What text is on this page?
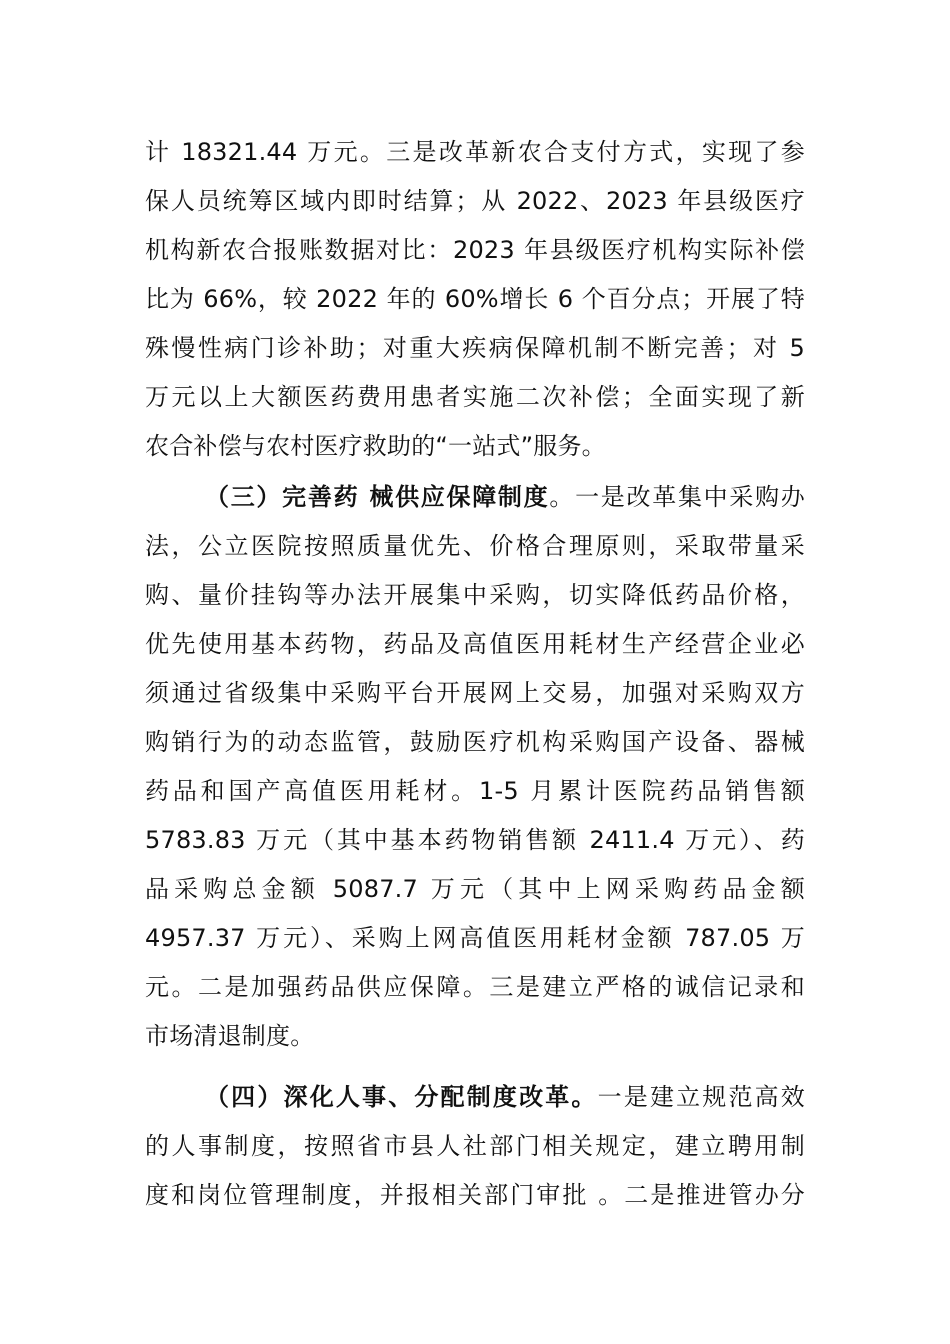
计 18321.44 万元。三是改革新农合支付方式，实现了参
保人员统筹区域内即时结算；从 2022、2023 年县级医疗
机构新农合报账数据对比：2023 年县级医疗机构实际补偿
比为 66%，较 2022 年的 60%增长 6 个百分点；开展了特
殊慢性病门诊补助；对重大疾病保障机制不断完善；对 5
万元以上大额医药费用患者实施二次补偿；全面实现了新
农合补偿与农村医疗救助的“一站式”服务。
（三）完善药 械供应保障制度。一是改革集中采购办
法，公立医院按照质量优先、价格合理原则，采取带量采
购、量价挂钩等办法开展集中采购，切实降低药品价格，
优先使用基本药物，药品及高值医用耗材生产经营企业必
须通过省级集中采购平台开展网上交易，加强对采购双方
购销行为的动态监管，鼓励医疗机构采购国产设备、器械
药品和国产高值医用耗材。1-5 月累计医院药品销售额
5783.83 万元（其中基本药物销售额 2411.4 万元）、药
品采购总金额 5087.7 万元（其中上网采购药品金额
4957.37 万元）、采购上网高值医用耗材金额 787.05 万
元。二是加强药品供应保障。三是建立严格的诚信记录和
市场清退制度。
（四）深化人事、分配制度改革。一是建立规范高效
的人事制度，按照省市县人社部门相关规定，建立聘用制
度和岗位管理制度，并报相关部门审批 。二是推进管办分
